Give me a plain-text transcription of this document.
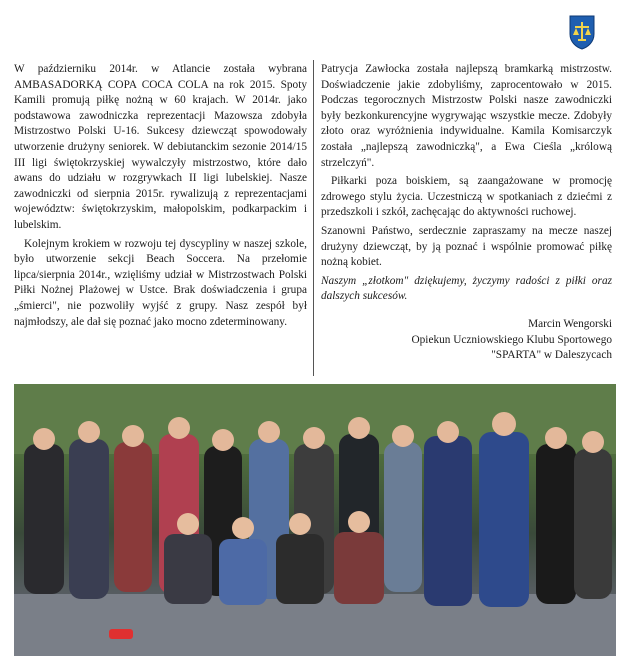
W październiku 2014r. w Atlancie została wybrana AMBASADORKĄ COPA COCA COLA na rok 2015. Spoty Kamili promują piłkę nożną w 60 krajach. W 2014r. jako podstawowa zawodniczka reprezentacji Mazowsza zdobyła Mistrzostwo Polski U-16. Sukcesy dziewcząt spowodowały utworzenie drużyny seniorek. W debiutanckim sezonie 2014/15 III ligi świętokrzyskiej wywalczyły mistrzostwo, które dało awans do udziału w rozgrywkach II ligi lubelskiej. Nasze zawodniczki od sierpnia 2015r. rywalizują z reprezentacjami województw: świętokrzyskim, małopolskim, podkarpackim i lubelskim.

Kolejnym krokiem w rozwoju tej dyscypliny w naszej szkole, było utworzenie sekcji Beach Soccera. Na przełomie lipca/sierpnia 2014r., wzięliśmy udział w Mistrzostwach Polski Piłki Nożnej Plażowej w Ustce. Brak doświadczenia i grupa „śmierci", nie pozwoliły wyjść z grupy. Nasz zespół był najmłodszy, ale dał się poznać jako mocno zdeterminowany.

Patrycja Zawłocka została najlepszą bramkarką mistrzostw. Doświadczenie jakie zdobyliśmy, zaprocentowało w 2015. Podczas tegorocznych Mistrzostw Polski nasze zawodniczki były bezkonkurencyjne wygrywając wszystkie mecze. Zdobyły złoto oraz wyróżnienia indywidualne. Kamila Komisarczyk została „najlepszą zawodniczką", a Ewa Cieśla „królową strzelczyń".

Piłkarki poza boiskiem, są zaangażowane w promocję zdrowego stylu życia. Uczestniczą w spotkaniach z dziećmi z przedszkoli i szkół, zachęcając do aktywności ruchowej.

Szanowni Państwo, serdecznie zapraszamy na mecze naszej drużyny dziewcząt, by ją poznać i wspólnie promować piłkę nożną kobiet.

Naszym „złotkom" dziękujemy, życzymy radości z piłki oraz dalszych sukcesów.

Marcin Wengorski

Opiekun Uczniowskiego Klubu Sportowego

"SPARTA" w Daleszycach
